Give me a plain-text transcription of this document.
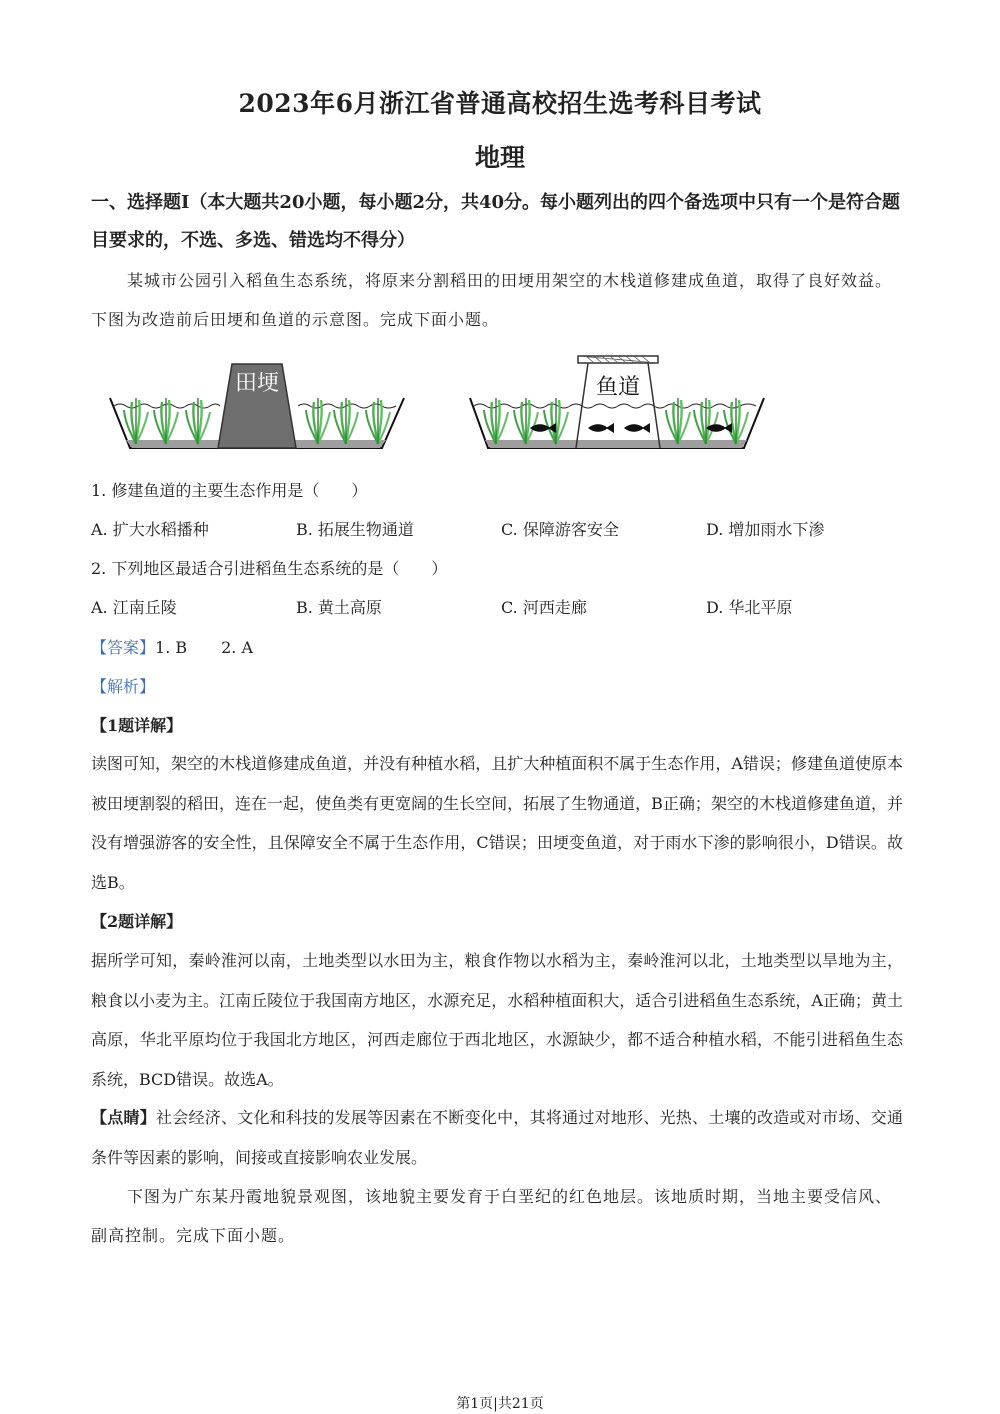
2023年6月浙江省普通高校招生选考科目考试
地理
一、选择题Ⅰ（本大题共20小题，每小题2分，共40分。每小题列出的四个备选项中只有一个是符合题目要求的，不选、多选、错选均不得分）
某城市公园引入稻鱼生态系统，将原来分割稻田的田埂用架空的木栈道修建成鱼道，取得了良好效益。下图为改造前后田埂和鱼道的示意图。完成下面小题。
田埂	鱼道
1. 修建鱼道的主要生态作用是（　　）
A. 扩大水稻播种	B. 拓展生物通道	C. 保障游客安全	D. 增加雨水下渗
2. 下列地区最适合引进稻鱼生态系统的是（　　）
A. 江南丘陵	B. 黄土高原	C. 河西走廊	D. 华北平原
【答案】1. B 2. A
【解析】
【1题详解】
读图可知，架空的木栈道修建成鱼道，并没有种植水稻，且扩大种植面积不属于生态作用，A错误；修建鱼道使原本被田埂割裂的稻田，连在一起，使鱼类有更宽阔的生长空间，拓展了生物通道，B正确；架空的木栈道修建鱼道，并没有增强游客的安全性，且保障安全不属于生态作用，C错误；田埂变鱼道，对于雨水下渗的影响很小，D错误。故选B。
【2题详解】
据所学可知，秦岭淮河以南，土地类型以水田为主，粮食作物以水稻为主，秦岭淮河以北，土地类型以旱地为主，粮食以小麦为主。江南丘陵位于我国南方地区，水源充足，水稻种植面积大，适合引进稻鱼生态系统，A正确；黄土高原，华北平原均位于我国北方地区，河西走廊位于西北地区，水源缺少，都不适合种植水稻，不能引进稻鱼生态系统，BCD错误。故选A。
【点睛】社会经济、文化和科技的发展等因素在不断变化中，其将通过对地形、光热、土壤的改造或对市场、交通条件等因素的影响，间接或直接影响农业发展。
下图为广东某丹霞地貌景观图，该地貌主要发育于白垩纪的红色地层。该地质时期，当地主要受信风、副高控制。完成下面小题。
第1页|共21页
